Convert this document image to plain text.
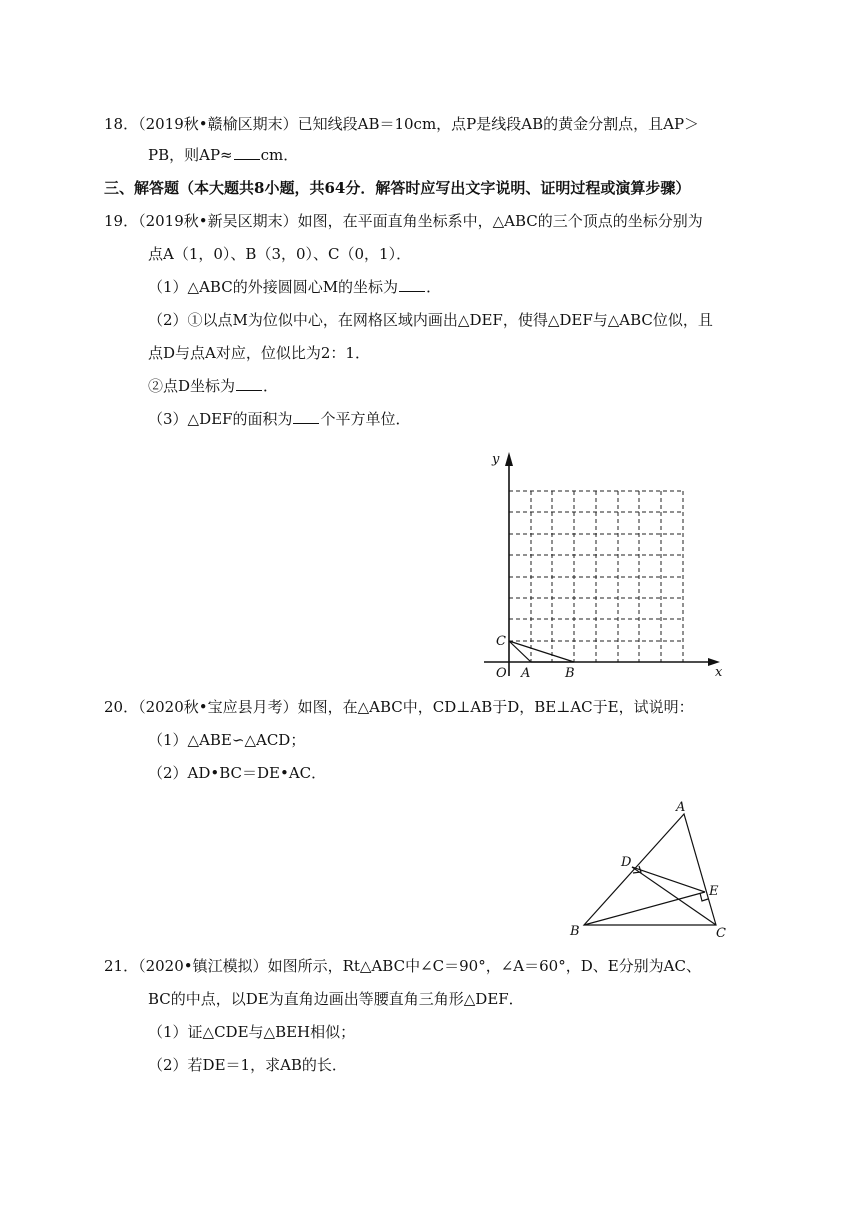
18．（2019秋•赣榆区期末）已知线段AB＝10cm，点P是线段AB的黄金分割点，且AP＞
PB，则AP≈ cm．
三、解答题（本大题共8小题，共64分．解答时应写出文字说明、证明过程或演算步骤）
19．（2019秋•新吴区期末）如图，在平面直角坐标系中，△ABC的三个顶点的坐标分别为
点A（1，0）、B（3，0）、C（0，1）．
（1）△ABC的外接圆圆心M的坐标为 ．
（2）①以点M为位似中心，在网格区域内画出△DEF，使得△DEF与△ABC位似，且
点D与点A对应，位似比为2：1．
②点D坐标为 ．
（3）△DEF的面积为 个平方单位．
y
x
O A	B
C
20．（2020秋•宝应县月考）如图，在△ABC中，CD⊥AB于D，BE⊥AC于E，试说明：
（1）△ABE∽△ACD；
（2）AD•BC＝DE•AC．
A
B	C
D
E
21．（2020•镇江模拟）如图所示，Rt△ABC中∠C＝90°，∠A＝60°，D、E分别为AC、
BC的中点，以DE为直角边画出等腰直角三角形△DEF．
（1）证△CDE与△BEH相似；
（2）若DE＝1，求AB的长．
